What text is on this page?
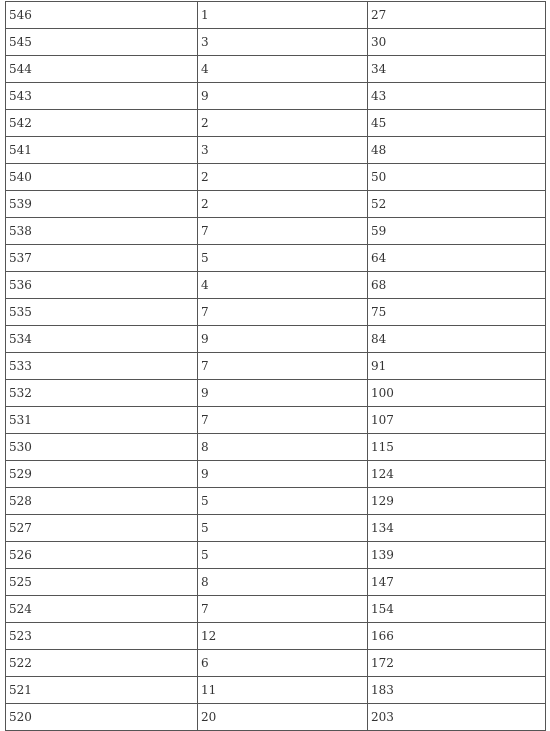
546	1	27
545	3	30
544	4	34
543	9	43
542	2	45
541	3	48
540	2	50
539	2	52
538	7	59
537	5	64
536	4	68
535	7	75
534	9	84
533	7	91
532	9	100
531	7	107
530	8	115
529	9	124
528	5	129
527	5	134
526	5	139
525	8	147
524	7	154
523	12	166
522	6	172
521	11	183
520	20	203
